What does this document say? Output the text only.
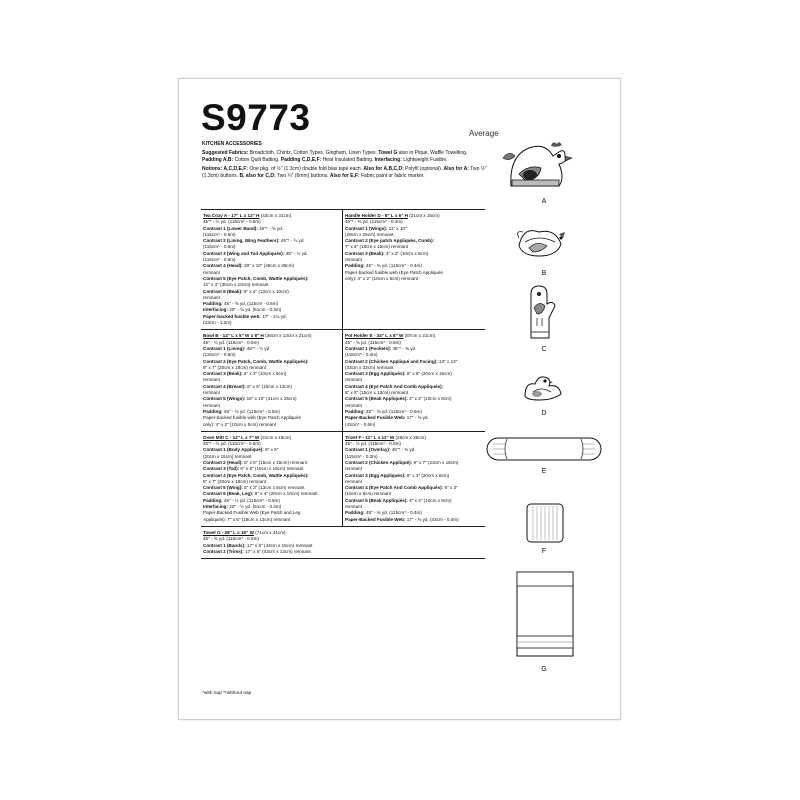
S9773	Average

KITCHEN ACCESSORIES

Suggested Fabrics: Broadcloth, Chintz, Cotton Types, Gingham, Linen Types. Towel G also in Pique, Waffle Towelling. Padding A,B: Cotton Quilt Batting. Padding C,D,E,F: Heat Insulated Batting. Interfacing: Lightweight Fusible.

Notions: A,C,D,E,F: One pkg. of ½" (1.3cm) double fold bias tape each. Also for A,B,C,D: Polyfil (optional). Also for A: Two ½" (1.3cm) buttons. B, also for C,D: Two ¼" (6mm) buttons. Also for E,F: Fabric paint or fabric marker.

Tea Cozy A - 17" L x 12" H (43cm x 31cm)
45"* - ½ yd. (115cm* - 0.5m)
Contrast 1 (Lower Band): 45"* - ⅝ yd.
(115cm* - 0.6m)
Contrast 2 (Lining, Wing Feathers): 45"* - ⅞ yd.
(115cm* - 0.6m)
Contrast 3 (Wing and Tail Appliqués): 45" - ½ yd.
(115cm* - 0.5m)
Contrast 4 (Head): 20" x 10" (49cm x 25cm)
remnant
Contrast 5 (Eye Patch, Comb, Wattle Appliqués):
12" x 4" (30cm x 10cm) remnant
Contrast 6 (Beak): 5" x 4" (13cm x 10cm)
remnant
Padding: 45" - ⅝ yd. (115cm - 0.6m)
Interfacing: 20" - ⅝ yd. (51cm - 0.3m)
Paper-backed fusible web: 17" - 1¼ yd.
(43cm - 1.2m)
Handle Holder D - 8" L x 6" H (21cm x 15cm)
45"* - ⅜ yd. (115cm* - 0.4m)
Contrast 1 (Wings): 11" x 10"
(28cm x 25cm) remnant
Contrast 2 (Eye patch Appliqués, Comb):
7" x 6" (18cm x 15cm) remnant
Contrast 3 (Beak): 4" x 3" (10cm x 8cm)
remnant
Padding: 45" - ⅜ yd. (115cm* - 0.4m)
Paper-backed fusible web (Eye Patch Appliqués
only): 4" x 2" (10cm x 5cm) remnant
Bowl B - 14" L x 5" W x 8" H (36cm x 13cm x 21cm)
45" - ½ yd. (115cm* - 0.5m)
Contrast 1 (Lining): 45"* - ½ yd.
(115cm* - 0.5m)
Contrast 2 (Eye Patch, Comb, Wattle Appliqués):
8" x 7" (20cm x 18cm) remnant
Contrast 3 (Beak): 4" x 3" (10cm x 8cm)
remnant
Contrast 4 (Breast): 6" x 5" (15cm x 13cm)
remnant
Contrast 5 (Wings): 16" x 10" (41cm x 25cm)
remnant
Padding: 45" - ½ yd. (115cm* - 0.5m)
Paper-backed fusible web (Eye Patch Appliqués
only): 4" x 2" (10cm x 5cm) remnant
Pot Holder E - 34" L x 8" W (87cm x 21cm)
45" - ⅝ yd. (115cm* - 0.6m)
Contrast 1 (Pockets): 45"* - ⅜ yd.
(115cm* - 0.4m)
Contrast 2 (Chicken Appliqué and Facing): 13" x 13"
(33cm x 33cm) remnant
Contrast 3 (Egg Appliqués): 8" x 6" (20cm x 15cm)
remnant
Contrast 4 (Eye Patch And Comb Appliqués):
6" x 5" (15cm x 13cm) remnant
Contrast 5 (Beak Appliqués): 4" x 3" (10cm x 8cm)
remnant
Padding: 45" - ⅝ yd. (115cm* - 0.6m)
Paper-Backed Fusible Web: 17" - ⅝ yd.
(43cm* - 0.6m)
Oven Mitt C - 12" L x 7" W (31cm x 18cm)
45"* - ½ yd. (115cm* - 0.5m)
Contrast 1 (Body Appliqué): 8" x 6"
(20cm x 15cm) remnant
Contrast 2 (Head): 6" x 6" (15cm x 15cm) remnant
Contrast 3 (Tail): 6" x 6" (15cm x 15cm) remnant
Contrast 4 (Eye Patch, Comb, Wattle Appliqués):
8" x 7" (20cm x 18cm) remnant
Contrast 5 (Wing): 5" x 3" (13cm x 8cm) remnant
Contrast 6 (Beak, Leg): 8" x 4" (20cm x 10cm) remnant
Padding: 45" - ½ yd. (115cm* - 0.5m)
Interfacing: 20" - ½ yd. (51cm - 0.3m)
Paper-Backed Fusible Web (Eye Patch and Leg
Appliqués): 7" x 5" (18cm x 13cm) remnant
Trivet F - 11" L x 11" W (28cm x 28cm)
45" - ½ yd. (115cm* - 0.5m)
Contrast 1 (Overlay): 45"* - ⅜ yd.
(115cm* - 0.3m)
Contrast 2 (Chicken Appliqué): 9" x 7" (23cm x 18cm)
remnant
Contrast 3 (Egg Appliqués): 8" x 3" (20cm x 8cm)
remnant
Contrast 4 (Eye Patch And Comb Appliqués): 6" x 3"
(15cm x 8cm) remnant
Contrast 5 (Beak Appliqués): 4" x 3" (10cm x 8cm)
remnant
Padding: 45" - ⅜ yd. (115cm* - 0.4m)
Paper-Backed Fusible Web: 17" - ⅜ yd. (43cm - 0.4m)
Towel G - 28" L x 16" W (71cm x 41cm)
45" - ⅝ yd. (115cm* - 0.6m)
Contrast 1 (Bands): 17" x 6" (43cm x 15cm) remnant
Contrast 2 (Trims): 17" x 5" (43cm x 13cm) remnant
*with nap **without nap
A
B
C
D
E
F
G
